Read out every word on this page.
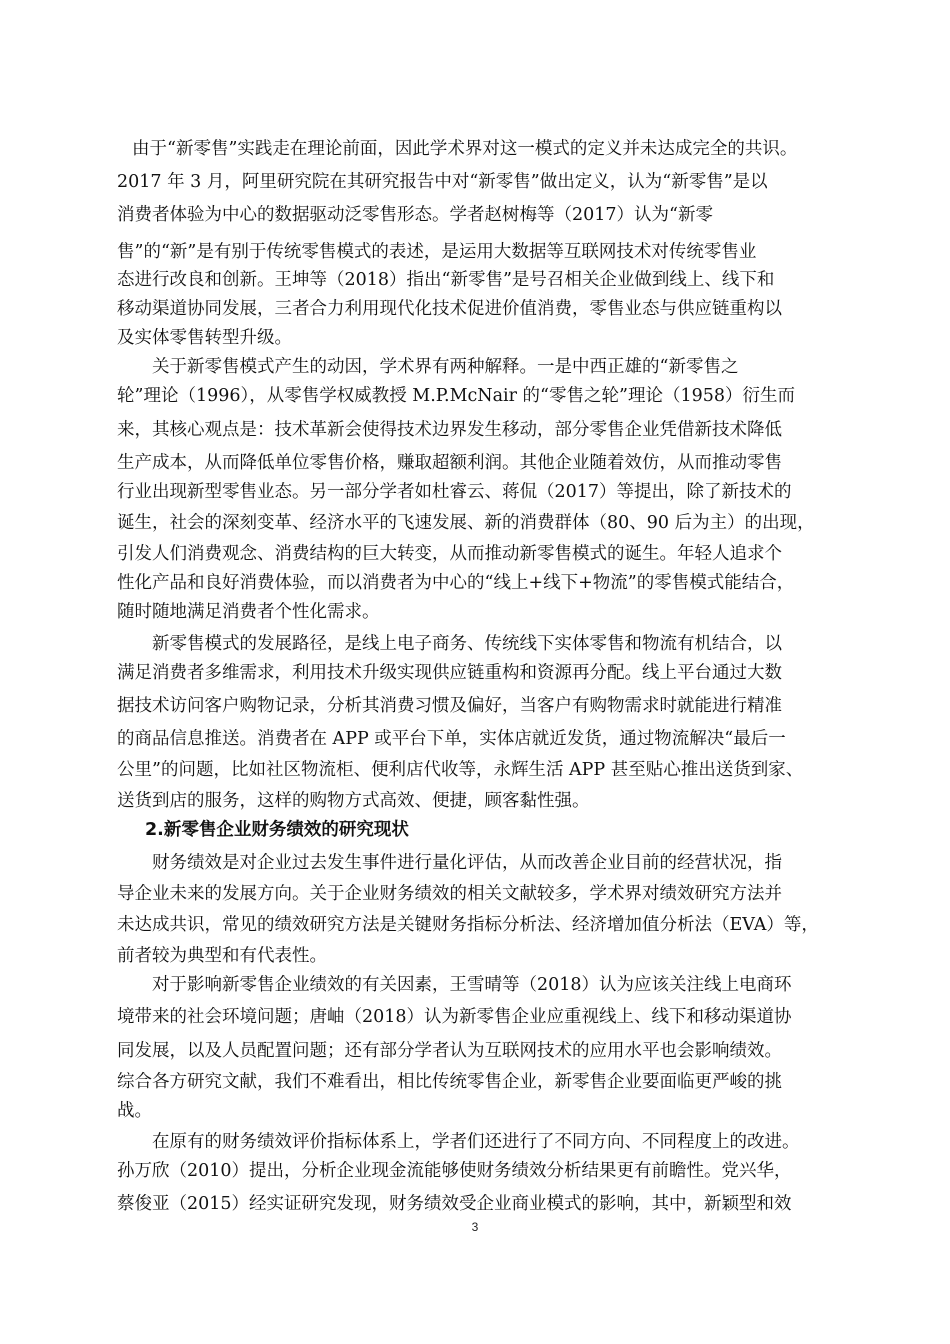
由于“新零售”实践走在理论前面，因此学术界对这一模式的定义并未达成完全的共识。

2017 年 3 月，阿里研究院在其研究报告中对“新零售”做出定义，认为“新零售”是以

消费者体验为中心的数据驱动泛零售形态。学者赵树梅等（2017）认为“新零

售”的“新”是有别于传统零售模式的表述，是运用大数据等互联网技术对传统零售业

态进行改良和创新。王坤等（2018）指出“新零售”是号召相关企业做到线上、线下和

移动渠道协同发展，三者合力利用现代化技术促进价值消费，零售业态与供应链重构以

及实体零售转型升级。

关于新零售模式产生的动因，学术界有两种解释。一是中西正雄的“新零售之

轮”理论（1996），从零售学权威教授 M.P.McNair 的“零售之轮”理论（1958）衍生而

来，其核心观点是：技术革新会使得技术边界发生移动，部分零售企业凭借新技术降低

生产成本，从而降低单位零售价格，赚取超额利润。其他企业随着效仿，从而推动零售

行业出现新型零售业态。另一部分学者如杜睿云、蒋侃（2017）等提出，除了新技术的

诞生，社会的深刻变革、经济水平的飞速发展、新的消费群体（80、90 后为主）的出现，

引发人们消费观念、消费结构的巨大转变，从而推动新零售模式的诞生。年轻人追求个

性化产品和良好消费体验，而以消费者为中心的“线上+线下+物流”的零售模式能结合，

随时随地满足消费者个性化需求。

新零售模式的发展路径，是线上电子商务、传统线下实体零售和物流有机结合，以

满足消费者多维需求，利用技术升级实现供应链重构和资源再分配。线上平台通过大数

据技术访问客户购物记录，分析其消费习惯及偏好，当客户有购物需求时就能进行精准

的商品信息推送。消费者在 APP 或平台下单，实体店就近发货，通过物流解决“最后一

公里”的问题，比如社区物流柜、便利店代收等，永辉生活 APP 甚至贴心推出送货到家、

送货到店的服务，这样的购物方式高效、便捷，顾客黏性强。

2.新零售企业财务绩效的研究现状

财务绩效是对企业过去发生事件进行量化评估，从而改善企业目前的经营状况，指

导企业未来的发展方向。关于企业财务绩效的相关文献较多，学术界对绩效研究方法并

未达成共识，常见的绩效研究方法是关键财务指标分析法、经济增加值分析法（EVA）等，

前者较为典型和有代表性。

对于影响新零售企业绩效的有关因素，王雪晴等（2018）认为应该关注线上电商环

境带来的社会环境问题；唐岫（2018）认为新零售企业应重视线上、线下和移动渠道协

同发展，以及人员配置问题；还有部分学者认为互联网技术的应用水平也会影响绩效。

综合各方研究文献，我们不难看出，相比传统零售企业，新零售企业要面临更严峻的挑

战。

在原有的财务绩效评价指标体系上，学者们还进行了不同方向、不同程度上的改进。

孙万欣（2010）提出，分析企业现金流能够使财务绩效分析结果更有前瞻性。党兴华，

蔡俊亚（2015）经实证研究发现，财务绩效受企业商业模式的影响，其中，新颖型和效

3
